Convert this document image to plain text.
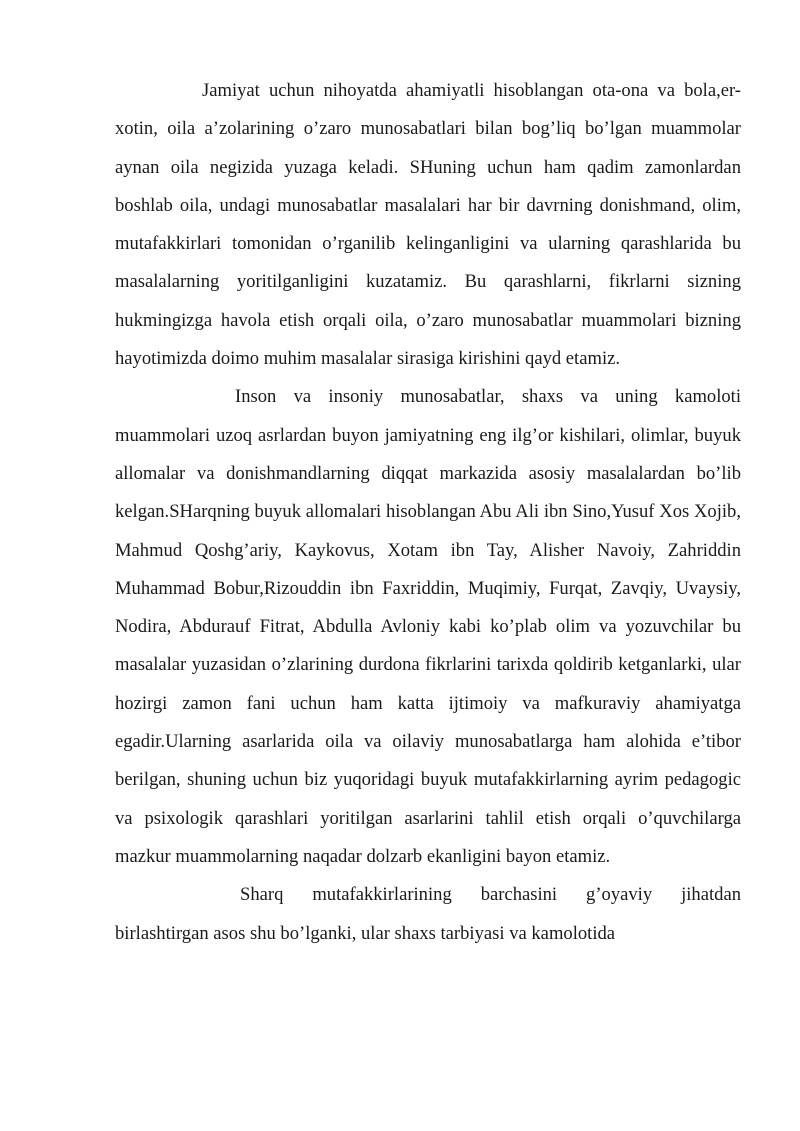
Jamiyat uchun nihoyatda ahamiyatli hisoblangan ota-ona va bola,er-xotin, oila a’zolarining o’zaro munosabatlari bilan bog’liq bo’lgan muammolar aynan oila negizida yuzaga keladi. SHuning uchun ham qadim zamonlardan boshlab oila, undagi munosabatlar masalalari har bir davrning donishmand, olim, mutafakkirlari tomonidan o’rganilib kelinganligini va ularning qarashlarida bu masalalarning yoritilganligini kuzatamiz. Bu qarashlarni, fikrlarni sizning hukmingizga havola etish orqali oila, o’zaro munosabatlar muammolari bizning hayotimizda doimo muhim masalalar sirasiga kirishini qayd etamiz.

Inson va insoniy munosabatlar, shaxs va uning kamoloti muammolari uzoq asrlardan buyon jamiyatning eng ilg’or kishilari, olimlar, buyuk allomalar va donishmandlarning diqqat markazida asosiy masalalardan bo’lib kelgan.SHarqning buyuk allomalari hisoblangan Abu Ali ibn Sino,Yusuf Xos Xojib, Mahmud Qoshg’ariy, Kaykovus, Xotam ibn Tay, Alisher Navoiy, Zahriddin Muhammad Bobur,Rizouddin ibn Faxriddin, Muqimiy, Furqat, Zavqiy, Uvaysiy, Nodira, Abdurauf Fitrat, Abdulla Avloniy kabi ko’plab olim va yozuvchilar bu masalalar yuzasidan o’zlarining durdona fikrlarini tarixda qoldirib ketganlarki, ular hozirgi zamon fani uchun ham katta ijtimoiy va mafkuraviy ahamiyatga egadir.Ularning asarlarida oila va oilaviy munosabatlarga ham alohida e’tibor berilgan, shuning uchun biz yuqoridagi buyuk mutafakkirlarning ayrim pedagogic va psixologik qarashlari yoritilgan asarlarini tahlil etish orqali o’quvchilarga mazkur muammolarning naqadar dolzarb ekanligini bayon etamiz.

Sharq mutafakkirlarining barchasini g’oyaviy jihatdan birlashtirgan asos shu bo’lganki, ular shaxs tarbiyasi va kamolotida
